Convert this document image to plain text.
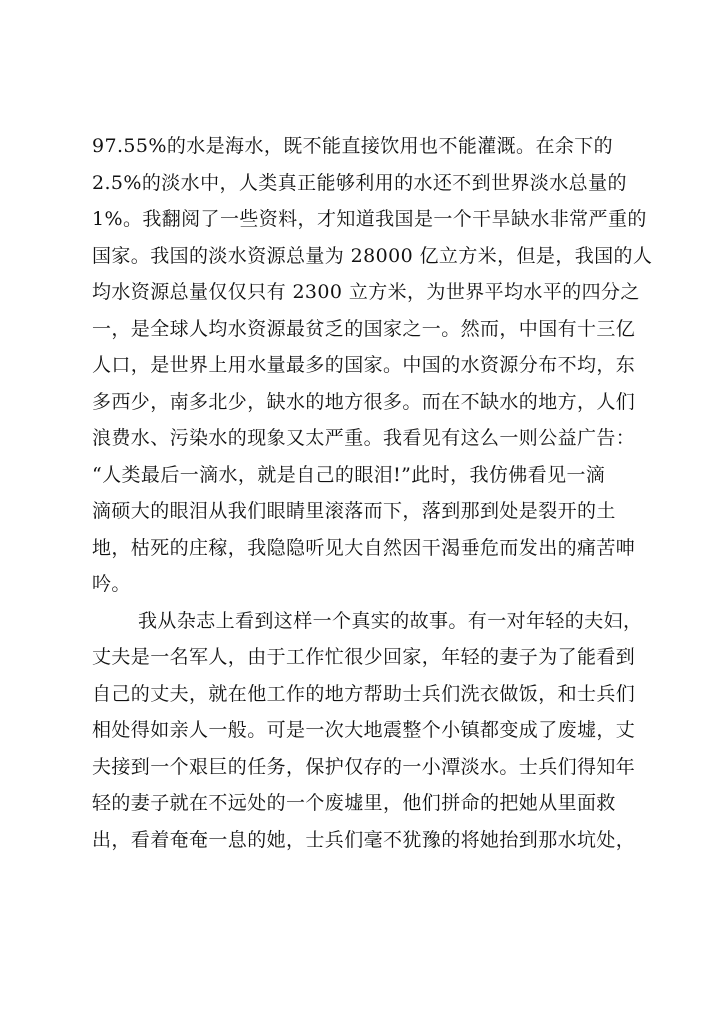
97.55%的水是海水，既不能直接饮用也不能灌溉。在余下的
2.5%的淡水中，人类真正能够利用的水还不到世界淡水总量的
1%。我翻阅了一些资料，才知道我国是一个干旱缺水非常严重的
国家。我国的淡水资源总量为 28000 亿立方米，但是，我国的人
均水资源总量仅仅只有 2300 立方米，为世界平均水平的四分之
一，是全球人均水资源最贫乏的国家之一。然而，中国有十三亿
人口，是世界上用水量最多的国家。中国的水资源分布不均，东
多西少，南多北少，缺水的地方很多。而在不缺水的地方，人们
浪费水、污染水的现象又太严重。我看见有这么一则公益广告：
“人类最后一滴水，就是自己的眼泪!”此时，我仿佛看见一滴
滴硕大的眼泪从我们眼睛里滚落而下，落到那到处是裂开的土
地，枯死的庄稼，我隐隐听见大自然因干渴垂危而发出的痛苦呻
吟。
我从杂志上看到这样一个真实的故事。有一对年轻的夫妇，
丈夫是一名军人，由于工作忙很少回家，年轻的妻子为了能看到
自己的丈夫，就在他工作的地方帮助士兵们洗衣做饭，和士兵们
相处得如亲人一般。可是一次大地震整个小镇都变成了废墟，丈
夫接到一个艰巨的任务，保护仅存的一小潭淡水。士兵们得知年
轻的妻子就在不远处的一个废墟里，他们拼命的把她从里面救
出，看着奄奄一息的她，士兵们毫不犹豫的将她抬到那水坑处，
